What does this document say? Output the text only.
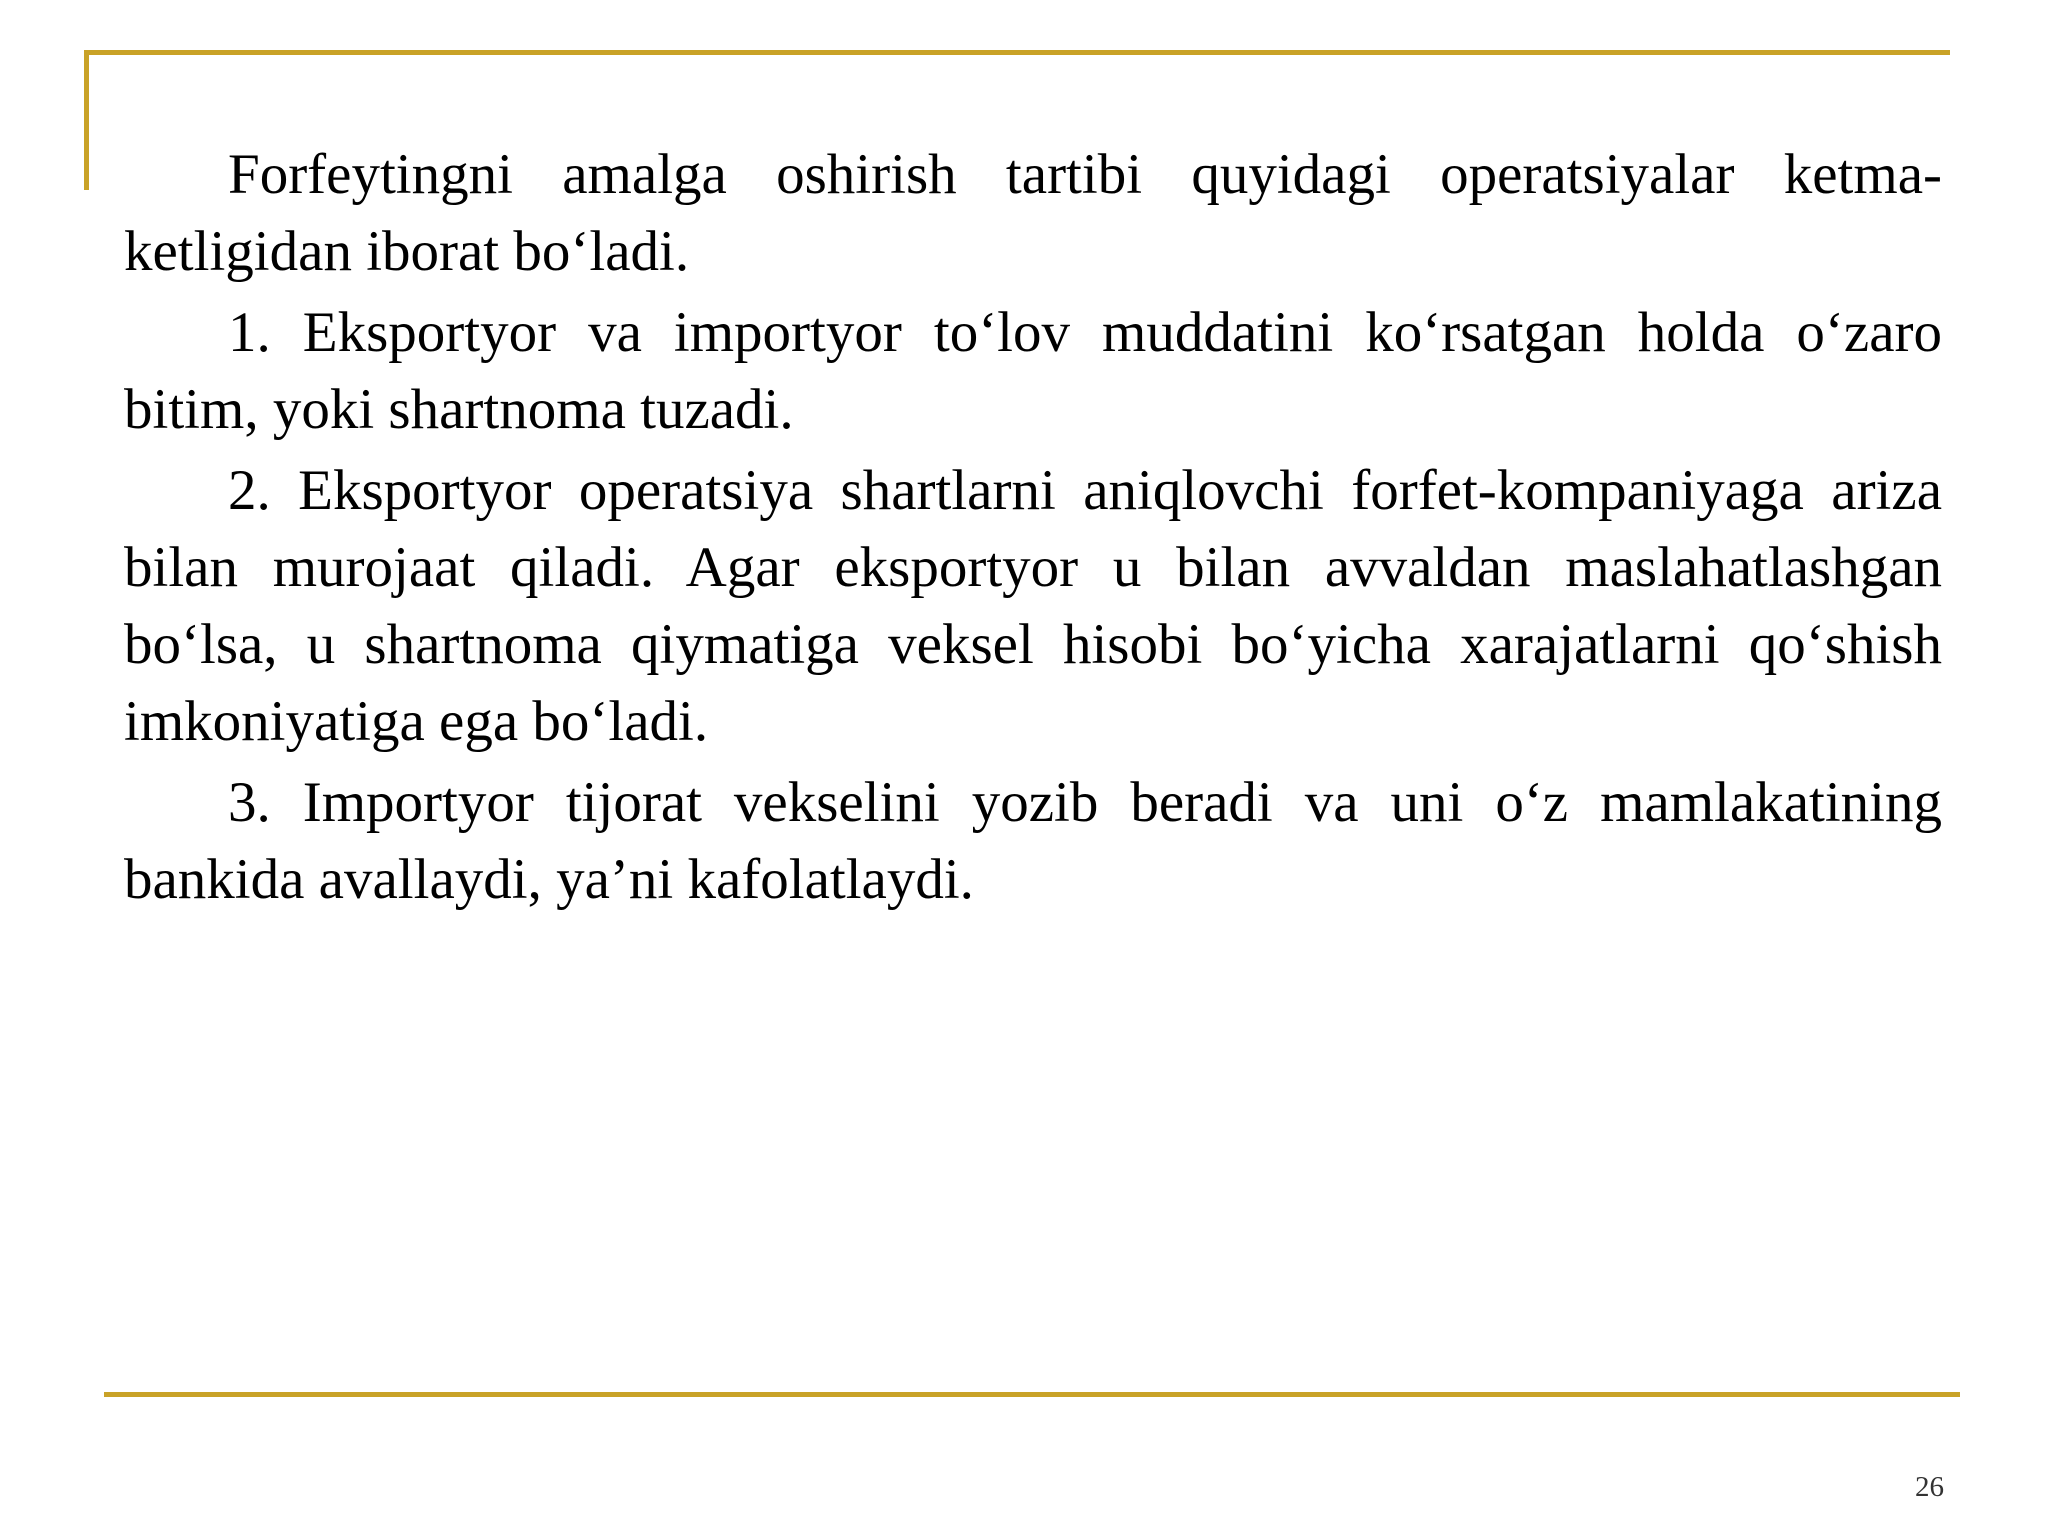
Forfeytingni amalga oshirish tartibi quyidagi operatsiyalar ketma-ketligidan iborat bo‘ladi.

1. Eksportyor va importyor to‘lov muddatini ko‘rsatgan holda o‘zaro bitim, yoki shartnoma tuzadi.

2. Eksportyor operatsiya shartlarni aniqlovchi forfet-kompaniyaga ariza bilan murojaat qiladi. Agar eksportyor u bilan avvaldan maslahatlashgan bo‘lsa, u shartnoma qiymatiga veksel hisobi bo‘yicha xarajatlarni qo‘shish imkoniyatiga ega bo‘ladi.

3. Importyor tijorat vekselini yozib beradi va uni o‘z mamlakatining bankida avallaydi, ya’ni kafolatlaydi.

26
